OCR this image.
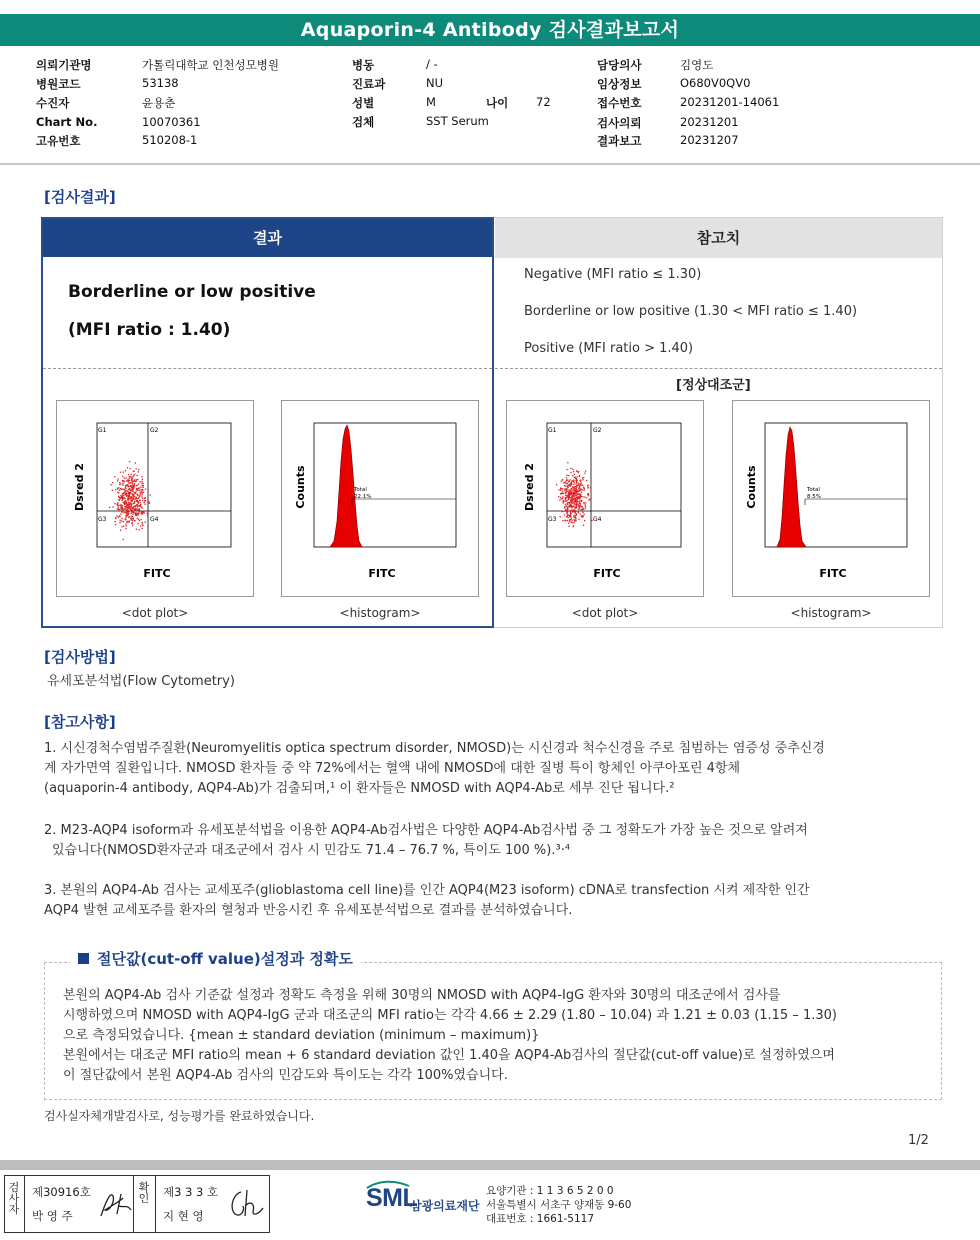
Aquaporin-4 Antibody 검사결과보고서
의뢰기관명	가톨릭대학교 인천성모병원
병원코드	53138
수진자	윤용춘
Chart No.	10070361
고유번호	510208-1
병동	/ -
진료과	NU
성별	M	나이 72
검체	SST Serum
담당의사	김영도
임상정보	O680V0QV0
접수번호	20231201-14061
검사의뢰	20231201
결과보고	20231207
[검사결과]
결과	참고치
Borderline or low positive
(MFI ratio : 1.40)
Negative (MFI ratio ≤ 1.30)
Borderline or low positive (1.30 < MFI ratio ≤ 1.40)
Positive (MFI ratio > 1.40)
[정상대조군]
G1	G2
G3	G4
Dsred 2
FITC
Total
22.1%
Counts
FITC
G1	G2
G3	G4
Dsred 2
FITC
Total
8.5%
Counts
FITC
<dot plot>	<histogram>	<dot plot>	<histogram>
[검사방법]
유세포분석법(Flow Cytometry)
[참고사항]
1. 시신경척수염범주질환(Neuromyelitis optica spectrum disorder, NMOSD)는 시신경과 척수신경을 주로 침범하는 염증성 중추신경
계 자가면역 질환입니다. NMOSD 환자들 중 약 72%에서는 혈액 내에 NMOSD에 대한 질병 특이 항체인 아쿠아포린 4항체
(aquaporin-4 antibody, AQP4-Ab)가 검출되며,¹ 이 환자들은 NMOSD with AQP4-Ab로 세부 진단 됩니다.²
2. M23-AQP4 isoform과 유세포분석법을 이용한 AQP4-Ab검사법은 다양한 AQP4-Ab검사법 중 그 정확도가 가장 높은 것으로 알려져
있습니다(NMOSD환자군과 대조군에서 검사 시 민감도 71.4 – 76.7 %, 특이도 100 %).³·⁴
3. 본원의 AQP4-Ab 검사는 교세포주(glioblastoma cell line)를 인간 AQP4(M23 isoform) cDNA로 transfection 시켜 제작한 인간
AQP4 발현 교세포주를 환자의 혈청과 반응시킨 후 유세포분석법으로 결과를 분석하였습니다.
절단값(cut-off value)설정과 정확도
본원의 AQP4-Ab 검사 기준값 설정과 정확도 측정을 위해 30명의 NMOSD with AQP4-IgG 환자와 30명의 대조군에서 검사를
시행하였으며 NMOSD with AQP4-IgG 군과 대조군의 MFI ratio는 각각 4.66 ± 2.29 (1.80 – 10.04) 과 1.21 ± 0.03 (1.15 – 1.30)
으로 측정되었습니다. {mean ± standard deviation (minimum – maximum)}
본원에서는 대조군 MFI ratio의 mean + 6 standard deviation 값인 1.40을 AQP4-Ab검사의 절단값(cut-off value)로 설정하였으며
이 절단값에서 본원 AQP4-Ab 검사의 민감도와 특이도는 각각 100%였습니다.
검사실자체개발검사로, 성능평가를 완료하였습니다.
1/2
검사자
제30916호
박 영 주
확인 제3 3 3 호
지 현 영
SML
삼광의료재단
요양기관 : 1 1 3 6 5 2 0 0
서울특별시 서초구 양재동 9-60
대표번호 : 1661-5117
